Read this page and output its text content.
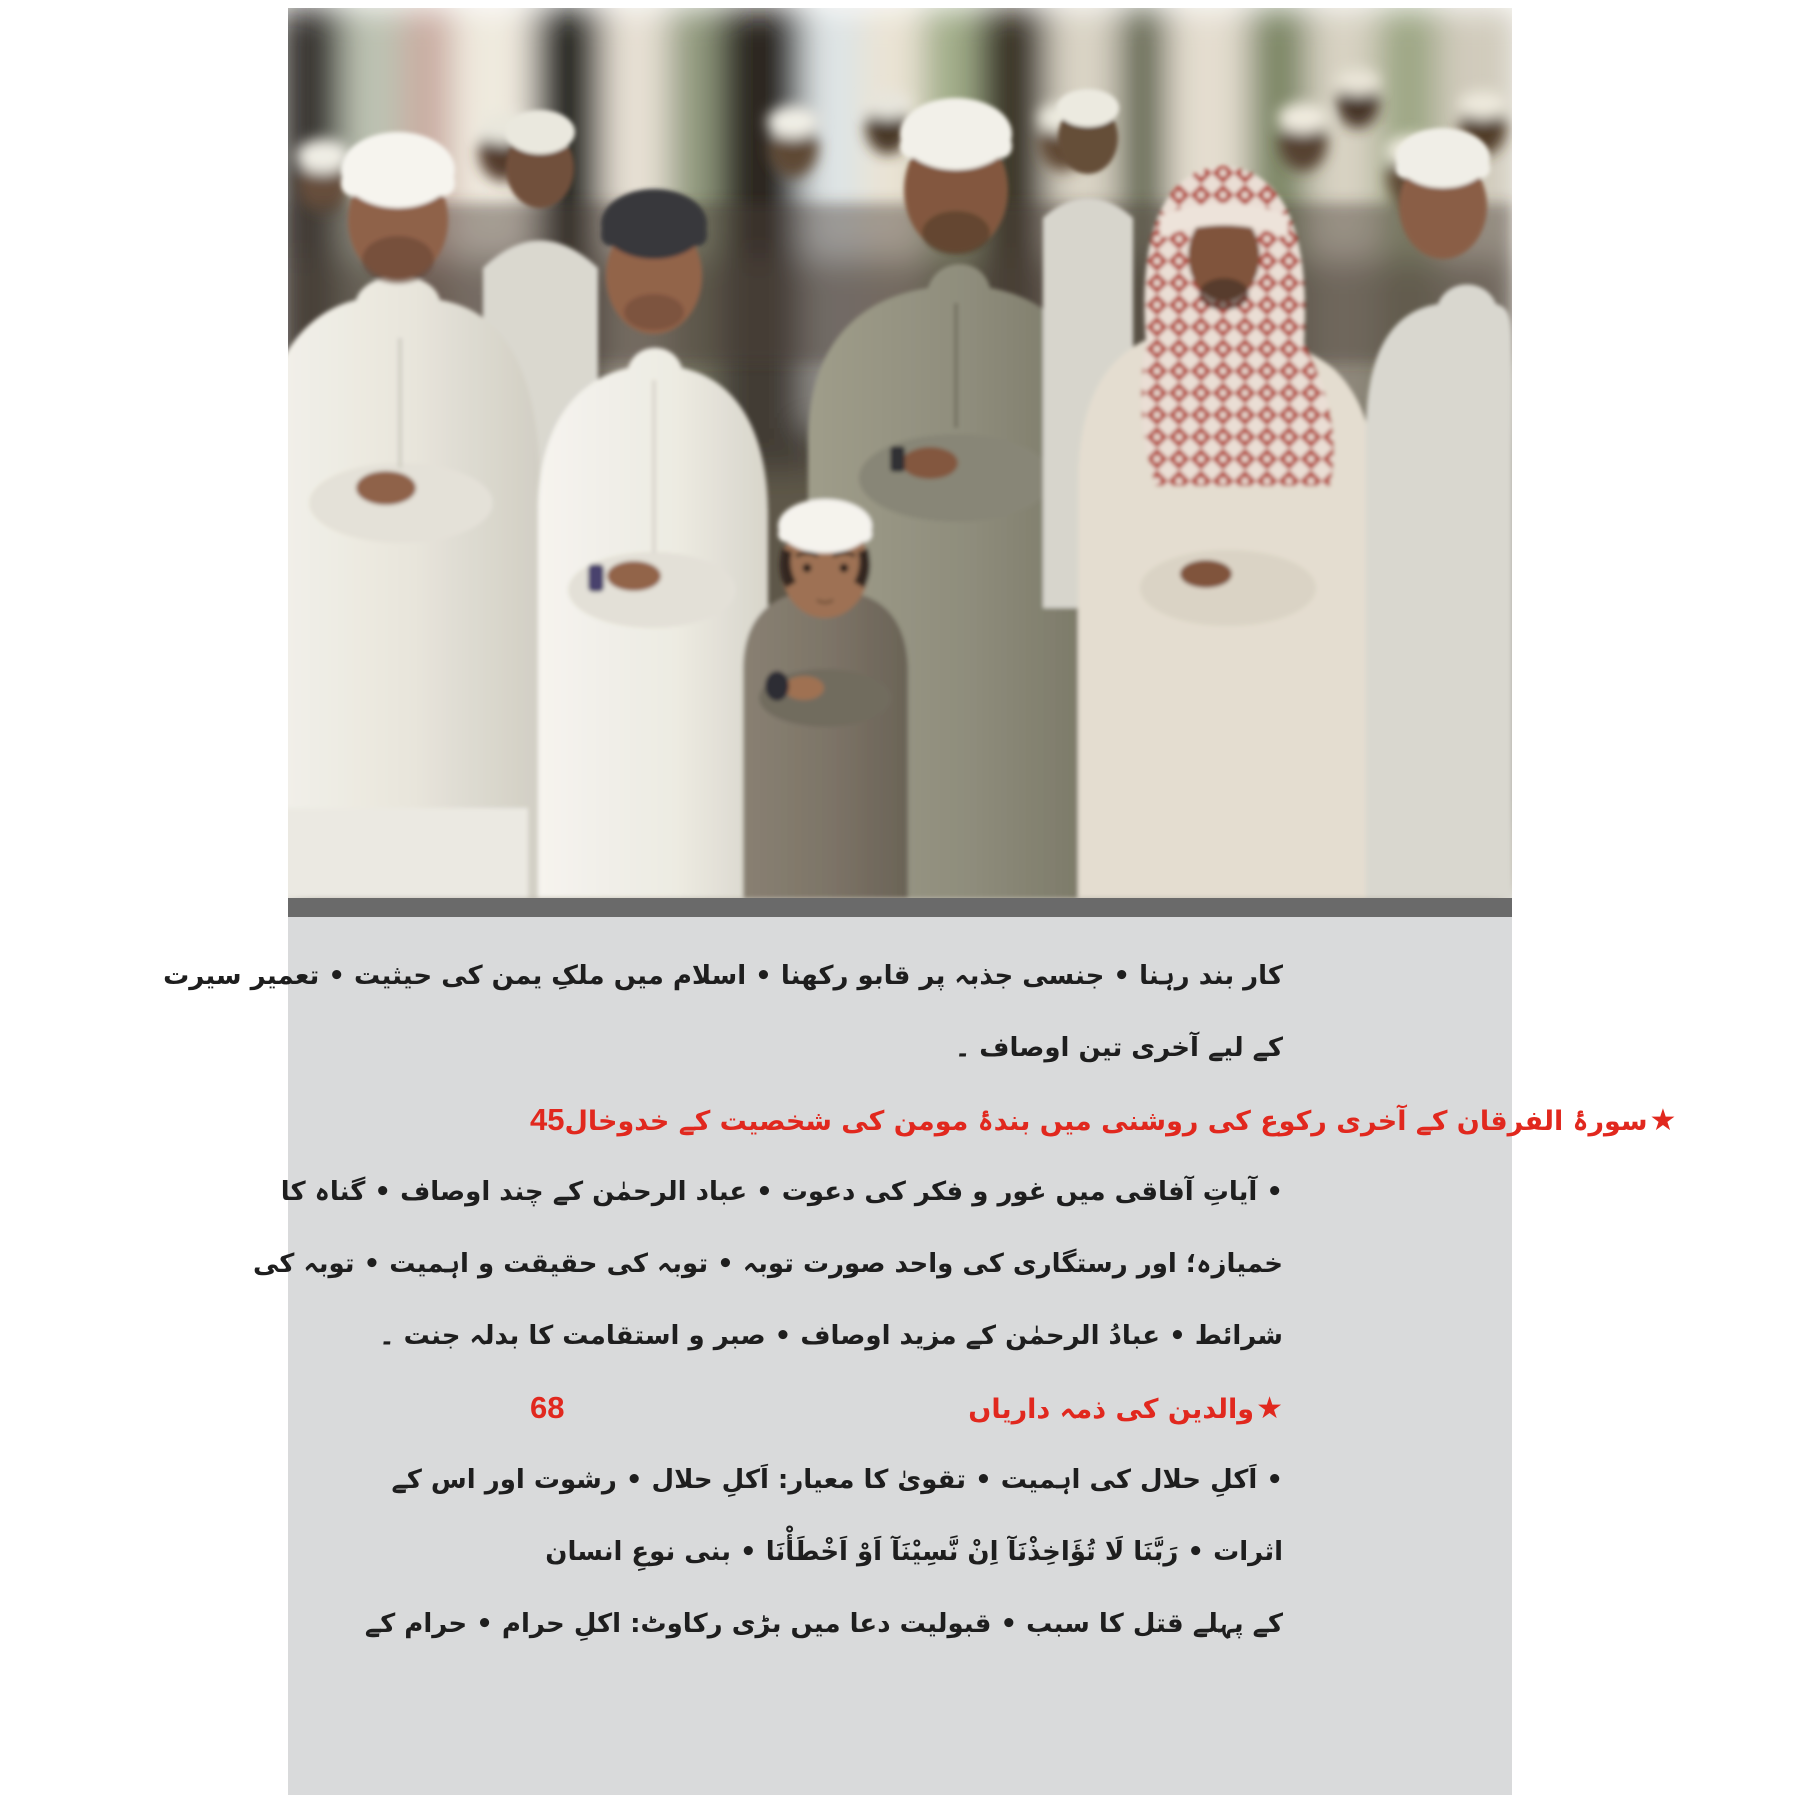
کار بند رہنا • جنسی جذبہ پر قابو رکھنا • اسلام میں ملکِ یمن کی حیثیت • تعمیر سیرت
کے لیے آخری تین اوصاف ۔
45	★سورۂ الفرقان کے آخری رکوع کی روشنی میں بندۂ مومن کی شخصیت کے خدوخال
• آیاتِ آفاقی میں غور و فکر کی دعوت • عباد الرحمٰن کے چند اوصاف • گناہ کا
خمیازہ؛ اور رستگاری کی واحد صورت توبہ • توبہ کی حقیقت و اہمیت • توبہ کی
شرائط • عبادُ الرحمٰن کے مزید اوصاف • صبر و استقامت کا بدلہ جنت ۔
68	★والدین کی ذمہ داریاں
• اَکلِ حلال کی اہمیت • تقویٰ کا معیار: اَکلِ حلال • رشوت اور اس کے
اثرات • رَبَّنَا لَا تُؤَاخِذْنَآ اِنْ نَّسِيْنَآ اَوْ اَخْطَأْنَا • بنی نوعِ انسان
کے پہلے قتل کا سبب • قبولیت دعا میں بڑی رکاوٹ: اکلِ حرام • حرام کے
